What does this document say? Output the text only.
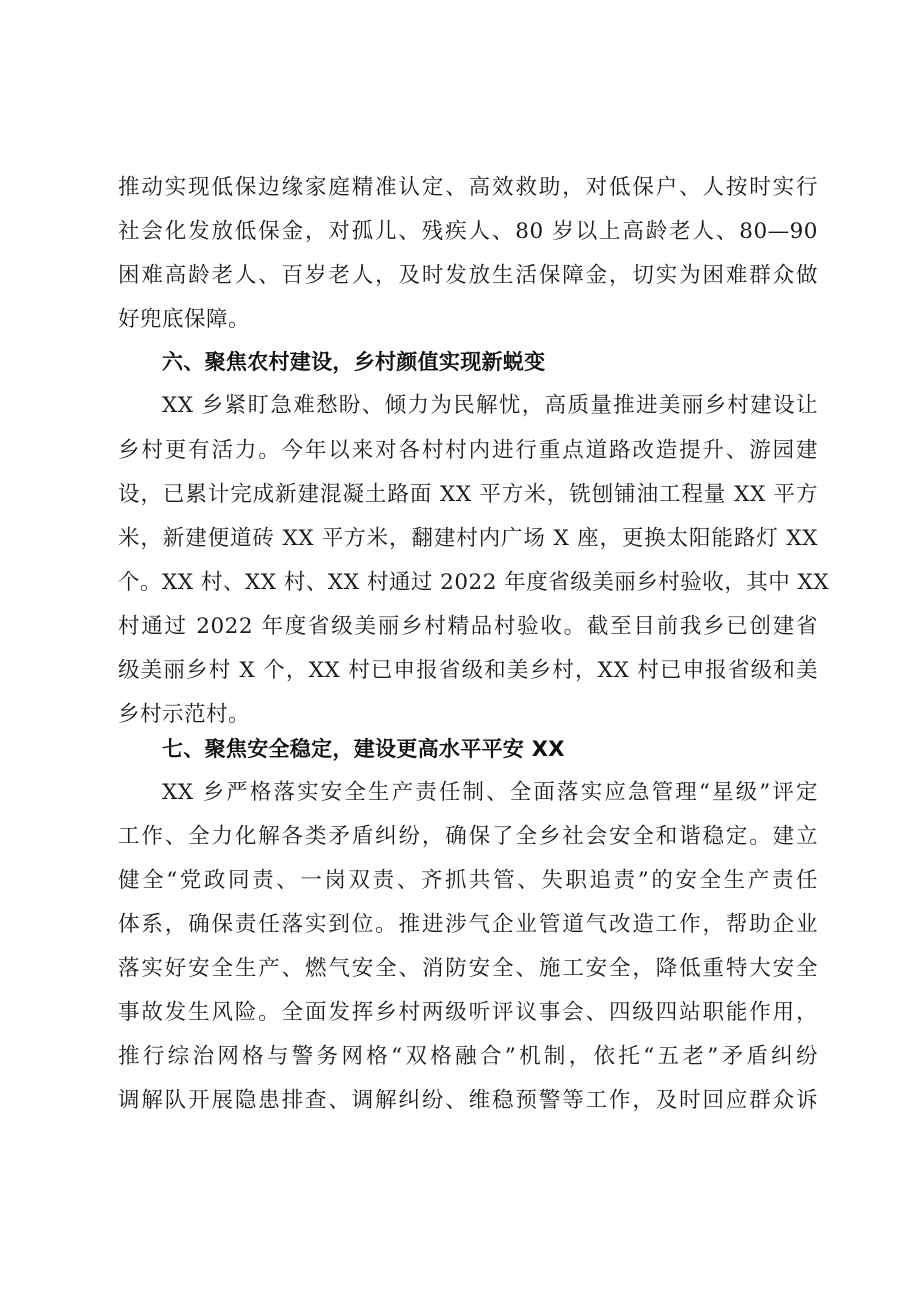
推动实现低保边缘家庭精准认定、高效救助，对低保户、人按时实行
社会化发放低保金，对孤儿、残疾人、80 岁以上高龄老人、80—90
困难高龄老人、百岁老人，及时发放生活保障金，切实为困难群众做
好兜底保障。
六、聚焦农村建设，乡村颜值实现新蜕变
XX 乡紧盯急难愁盼、倾力为民解忧，高质量推进美丽乡村建设让
乡村更有活力。今年以来对各村村内进行重点道路改造提升、游园建
设，已累计完成新建混凝土路面 XX 平方米，铣刨铺油工程量 XX 平方
米，新建便道砖 XX 平方米，翻建村内广场 X 座，更换太阳能路灯 XX
个。XX 村、XX 村、XX 村通过 2022 年度省级美丽乡村验收，其中 XX
村通过 2022 年度省级美丽乡村精品村验收。截至目前我乡已创建省
级美丽乡村 X 个，XX 村已申报省级和美乡村，XX 村已申报省级和美
乡村示范村。
七、聚焦安全稳定，建设更高水平平安 XX
XX 乡严格落实安全生产责任制、全面落实应急管理“星级”评定
工作、全力化解各类矛盾纠纷，确保了全乡社会安全和谐稳定。建立
健全“党政同责、一岗双责、齐抓共管、失职追责”的安全生产责任
体系，确保责任落实到位。推进涉气企业管道气改造工作，帮助企业
落实好安全生产、燃气安全、消防安全、施工安全，降低重特大安全
事故发生风险。全面发挥乡村两级听评议事会、四级四站职能作用，
推行综治网格与警务网格“双格融合”机制，依托“五老”矛盾纠纷
调解队开展隐患排查、调解纠纷、维稳预警等工作，及时回应群众诉
